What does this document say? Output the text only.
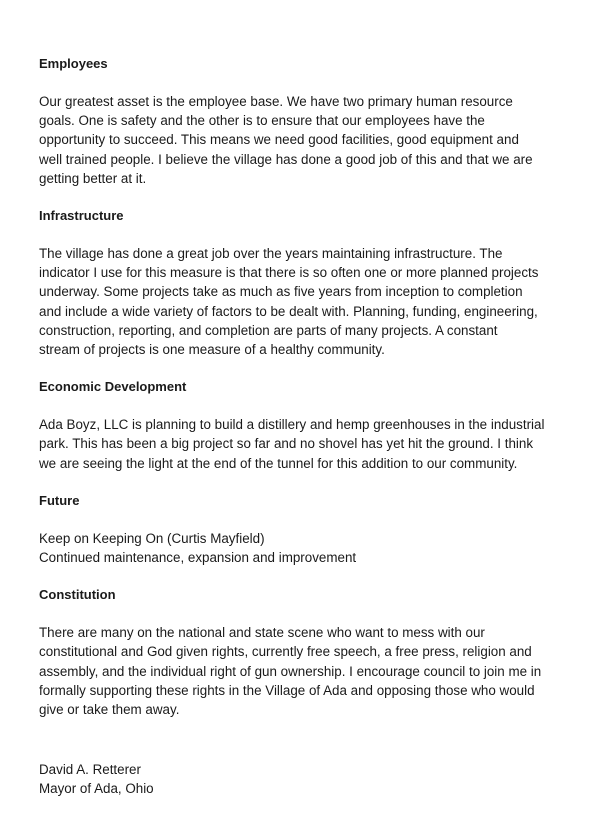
Employees

Our greatest asset is the employee base. We have two primary human resource
goals. One is safety and the other is to ensure that our employees have the
opportunity to succeed. This means we need good facilities, good equipment and
well trained people. I believe the village has done a good job of this and that we are
getting better at it.

Infrastructure

The village has done a great job over the years maintaining infrastructure. The
indicator I use for this measure is that there is so often one or more planned projects
underway. Some projects take as much as five years from inception to completion
and include a wide variety of factors to be dealt with. Planning, funding, engineering,
construction, reporting, and completion are parts of many projects. A constant
stream of projects is one measure of a healthy community.

Economic Development

Ada Boyz, LLC is planning to build a distillery and hemp greenhouses in the industrial
park. This has been a big project so far and no shovel has yet hit the ground. I think
we are seeing the light at the end of the tunnel for this addition to our community.

Future

Keep on Keeping On (Curtis Mayfield)
Continued maintenance, expansion and improvement

Constitution

There are many on the national and state scene who want to mess with our
constitutional and God given rights, currently free speech, a free press, religion and
assembly, and the individual right of gun ownership. I encourage council to join me in
formally supporting these rights in the Village of Ada and opposing those who would
give or take them away.

David A. Retterer
Mayor of Ada, Ohio
